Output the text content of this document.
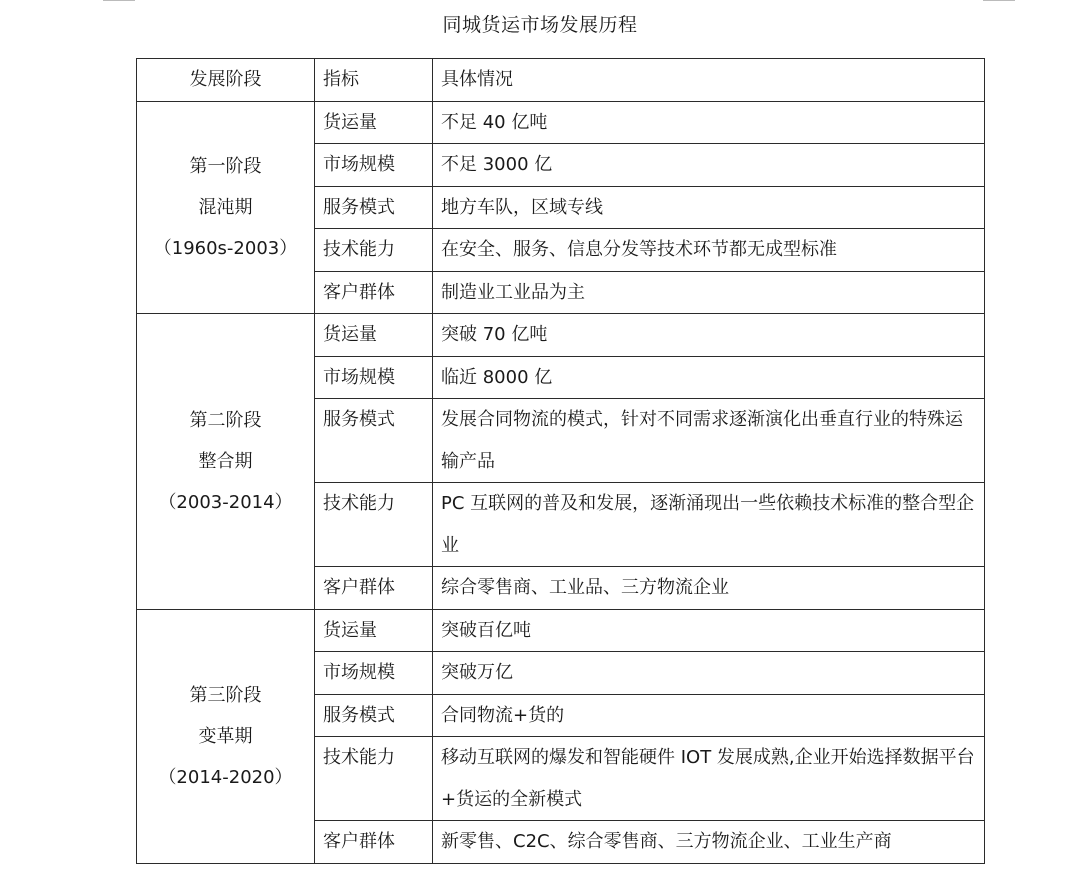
同城货运市场发展历程
发展阶段	指标	具体情况

第一阶段
混沌期
（1960s-2003）	货运量	不足 40 亿吨
	市场规模	不足 3000 亿
	服务模式	地方车队，区域专线
	技术能力	在安全、服务、信息分发等技术环节都无成型标准
	客户群体	制造业工业品为主

第二阶段
整合期
（2003-2014）	货运量	突破 70 亿吨
	市场规模	临近 8000 亿
	服务模式	发展合同物流的模式，针对不同需求逐渐演化出垂直行业的特殊运输产品
	技术能力	PC 互联网的普及和发展，逐渐涌现出一些依赖技术标准的整合型企业
	客户群体	综合零售商、工业品、三方物流企业

第三阶段
变革期
（2014-2020）	货运量	突破百亿吨
	市场规模	突破万亿
	服务模式	合同物流+货的
	技术能力	移动互联网的爆发和智能硬件 IOT 发展成熟,企业开始选择数据平台+货运的全新模式
	客户群体	新零售、C2C、综合零售商、三方物流企业、工业生产商
